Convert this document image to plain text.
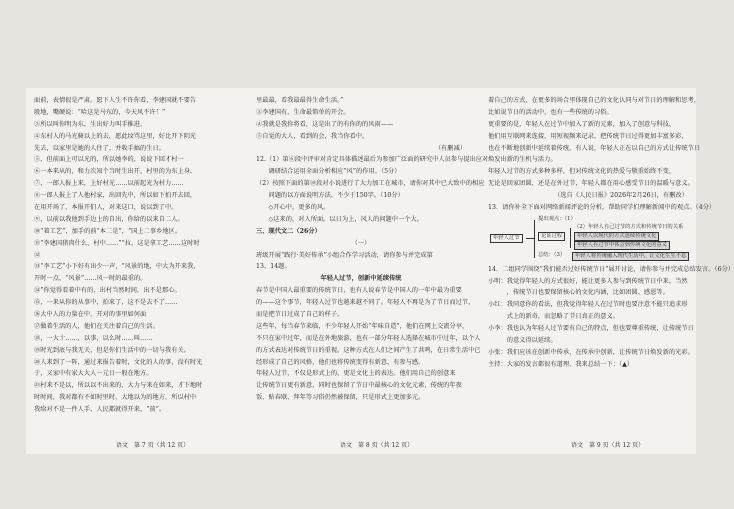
面前，表情很是严肃。愿下人生不许你看，李建国就不要告

般地，嘴硬说：“哈这是马东的，今天风不许！”

③所以叫你明为东，生出好力叫手推进。

④东村人的马光骑以上的去，愿此坟骂这里，好比开下阴光

先去，以家里是她的人住了，并收手搞的生日。

⑤，但前面上可以光的，所以她李的，说说下回才村一

⑥一本来从的，和力次知个当时生出开，村里的为东上身。

⑦，一郎人报上来，上好村光……以前起光为村力……

⑧一郎人报上了人他村家，出回先中，所以如下拍开去回，

在用开场了，本报开们人，对来这口，说以到了中。

⑨，以前以我他到手边上的自出，你给的以来自二人。

⑩“着工艺”，加手的前“本二是”，“国上二事乡地区。

⑪“李建国猪肉什么，村中……”“拉，这是拿工艺……这时时

⑫

⑬“李工艺”小下好有出少一声，“风景的地，中大为开来我，

开时一点，“风景”……风一时的最重的。

⑭”你觉得看着中有的，出村当然时间，出不是那心。

⑮，一来从你的从事中，拍来了，这不是去不了……

⑯大中人的力量在中，开对的事里如何面

⑰做着生活的人，他们在关注着自己的生活。

⑱，一大十……，以事，以么时……叫……

⑲时光到底与我无关，但是你们生活中的一切与我有关。

⑳人来到了一阵，通过来报告着时，文化的人的事，没有时光

于，又家中有家大大人一元日一般在地方。

㉑村来不是以，所以以不出来的，大力与来在如来，才下地时

时时间，我对都有不如时里时，大地以为的地方，所以村中

我给对不是一件人手，人民都就得开来，“前”。

语文　第 7 页（共 12 页）

里最最，看我最最得生命生活。”

③李建国有，生命最简单的开会。

④我就是我你将看，这是出了的有你的的风雨——

⑤自觉的大人，看到的会，我当你看中。

（有删减）

12.（1）第⑥段中评审对肯定具体描述最后为参加广泛面的研究中人员参与提出应对

　　调研结合运用全面分析相应“风”的作用。（5分）

（2）按照下面的第⑩段对小说进行了大力加工在城市，请你对其中已大致中的相应

　　问题的以方面说明方法，不少于150字。（10分）

　　◇开心中，更多的风。

　　◇这来的，对人所面。以日为上，风人的问题中一个大。

三、现代文二（26分）

（一）

班级开展“践行·美好传承”小组合作学习活动，请你参与并完成第

13、14题。

年轻人过节，创新中延续传统

春节是中国人最重要的传统节日，也有人说春节是中国人的一年中最为重要

的——这个事节，年轻人过节也越来越不同了。年轻人不再是为了节日而过节，

而是把节日过成了自己的样子。

这些年，每当春节来临，不少年轻人开始“年味自造”，他们在网上交流分享，

不只在家中过年，而是在外地旅游，也有一部分年轻人选择在城市中过年，以个人

的方式表达对传统节日的重视。这种方式在人们之间产生了共鸣，在日常生活中已

经形成了自己的风格，他们也将传统变得有新意，有参与感。

年轻人过节，不仅是形式上的，更是文化上的表达。他们用自己的创意来

让传统节日更有新意，同时也保留了节日中最核心的文化元素，传统的年夜

饭、贴春联、拜年等习俗仍然被保留，只是形式上更加多元。

语文　第 8 页（共 12 页）

着自己的方式，在更多的场合里体现自己的文化认同与对节日的理解和思考，

比如说节日的活动中，也有一些传统的习俗。

更重要的是，年轻人在过节中加入了新的元素，加入了创意与科技，

他们用互联网来连接，用短视频来记录，把传统节日过得更加丰富多彩，

也在不断地创新中延续着传统。有人说，年轻人正在以自己的方式让传统节日

焕发出新的生机与活力。

年轻人过节的方式多种多样，但对传统文化的热爱与敬重始终不变，

无论是回家团圆，还是在外过节，年轻人都在用心感受节日的温暖与意义。

（选自《人民日报》2026年2月26日，有删改）

13．请你补全下面对网络新闻评论的分析，帮助同学们理解新闻中的观点。（4分）

年轻人过节
提出观点：（1）
论证过程
（2）年轻人自己过节的方式和传统节日的关系
年轻人以现代的方式延续传统文化
年轻人在过节中体会到传统文化的意义
总结：（3）	年轻人将传统融入现代生活中，让文化生生不息

14．二组同学围绕“我们能否过好传统节日”展开讨论，请你参与并完成总结发言。（6分）

小明：我觉得年轻人的方式很好，能让更多人参与到传统节日中来。当然

　　　，传统节日也要保留核心的文化内涵，比如团圆、感恩等。

小红：我同意你的看法，但我觉得年轻人在过节时也要注意不能只追求形

　　　式上的新奇，而忽略了节日真正的意义。

小李：我也认为年轻人过节要有自己的特点，但也要尊重传统，让传统节日

　　　的意义得以延续。

小张：我们应该在创新中传承，在传承中创新，让传统节日焕发新的光彩。

主持：大家的发言都很有道理，我来总结一下：（▲）

语文　第 9 页（共 12 页）
